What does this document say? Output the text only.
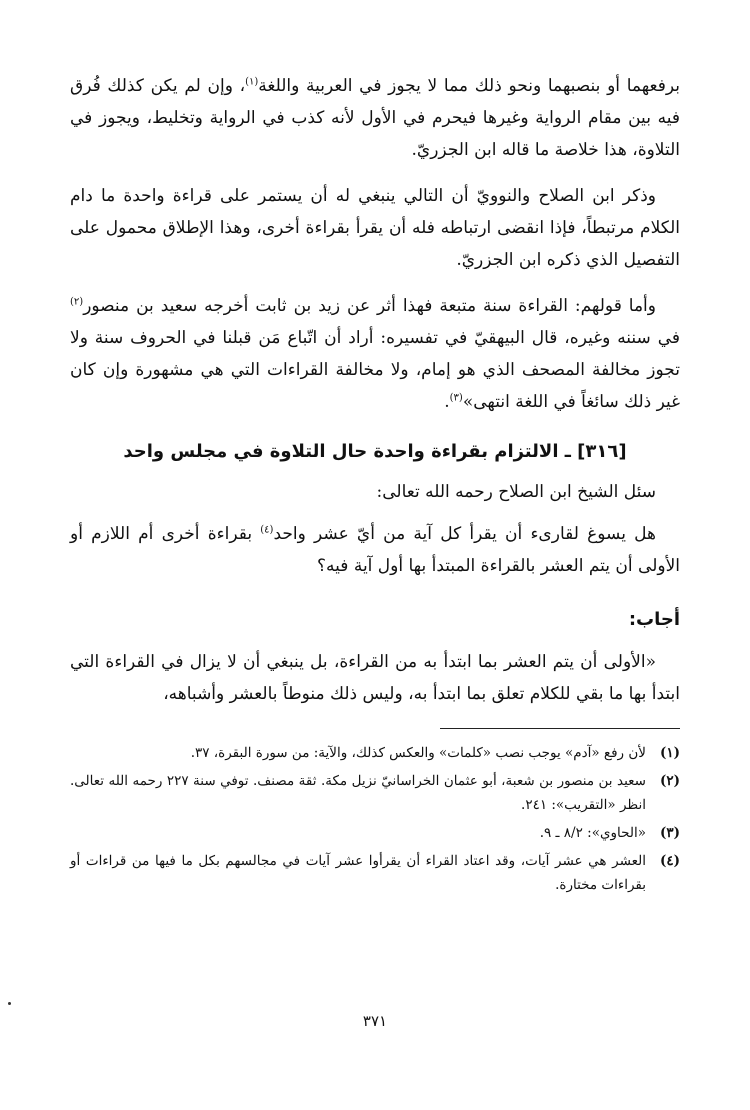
برفعهما أو بنصبهما ونحو ذلك مما لا يجوز في العربية واللغة$^{(١)}$، وإن لم يكن كذلك فُرق فيه بين مقام الرواية وغيرها فيحرم في الأول لأنه كذب في الرواية وتخليط، ويجوز في التلاوة، هذا خلاصة ما قاله ابن الجزريّ.

وذكر ابن الصلاح والنوويّ أن التالي ينبغي له أن يستمر على قراءة واحدة ما دام الكلام مرتبطاً، فإذا انقضى ارتباطه فله أن يقرأ بقراءة أخرى، وهذا الإطلاق محمول على التفصيل الذي ذكره ابن الجزريّ.

وأما قولهم: القراءة سنة متبعة فهذا أثر عن زيد بن ثابت أخرجه سعيد بن منصور$^{(٢)}$ في سننه وغيره، قال البيهقيّ في تفسيره: أراد أن اتّباع مَن قبلنا في الحروف سنة ولا تجوز مخالفة المصحف الذي هو إمام، ولا مخالفة القراءات التي هي مشهورة وإن كان غير ذلك سائغاً في اللغة انتهى»$^{(٣)}$.

[٣١٦] ـ الالتزام بقراءة واحدة حال التلاوة في مجلس واحد

سئل الشيخ ابن الصلاح رحمه الله تعالى:

هل يسوغ لقارىء أن يقرأ كل آية من أيّ عشر واحد$^{(٤)}$ بقراءة أخرى أم اللازم أو الأولى أن يتم العشر بالقراءة المبتدأ بها أول آية فيه؟

أجاب:

«الأولى أن يتم العشر بما ابتدأ به من القراءة، بل ينبغي أن لا يزال في القراءة التي ابتدأ بها ما بقي للكلام تعلق بما ابتدأ به، وليس ذلك منوطاً بالعشر وأشباهه،

(١)
لأن رفع «آدم» يوجب نصب «كلمات» والعكس كذلك، والآية: من سورة البقرة، ٣٧.
(٢)
سعيد بن منصور بن شعبة، أبو عثمان الخراسانيّ نزيل مكة. ثقة مصنف. توفي سنة ٢٢٧ رحمه الله تعالى. انظر «التقريب»: ٢٤١.
(٣)
«الحاوي»: ٨/٢ ـ ٩.
(٤)
العشر هي عشر آيات، وقد اعتاد القراء أن يقرأوا عشر آيات في مجالسهم بكل ما فيها من قراءات أو بقراءات مختارة.
٣٧١
